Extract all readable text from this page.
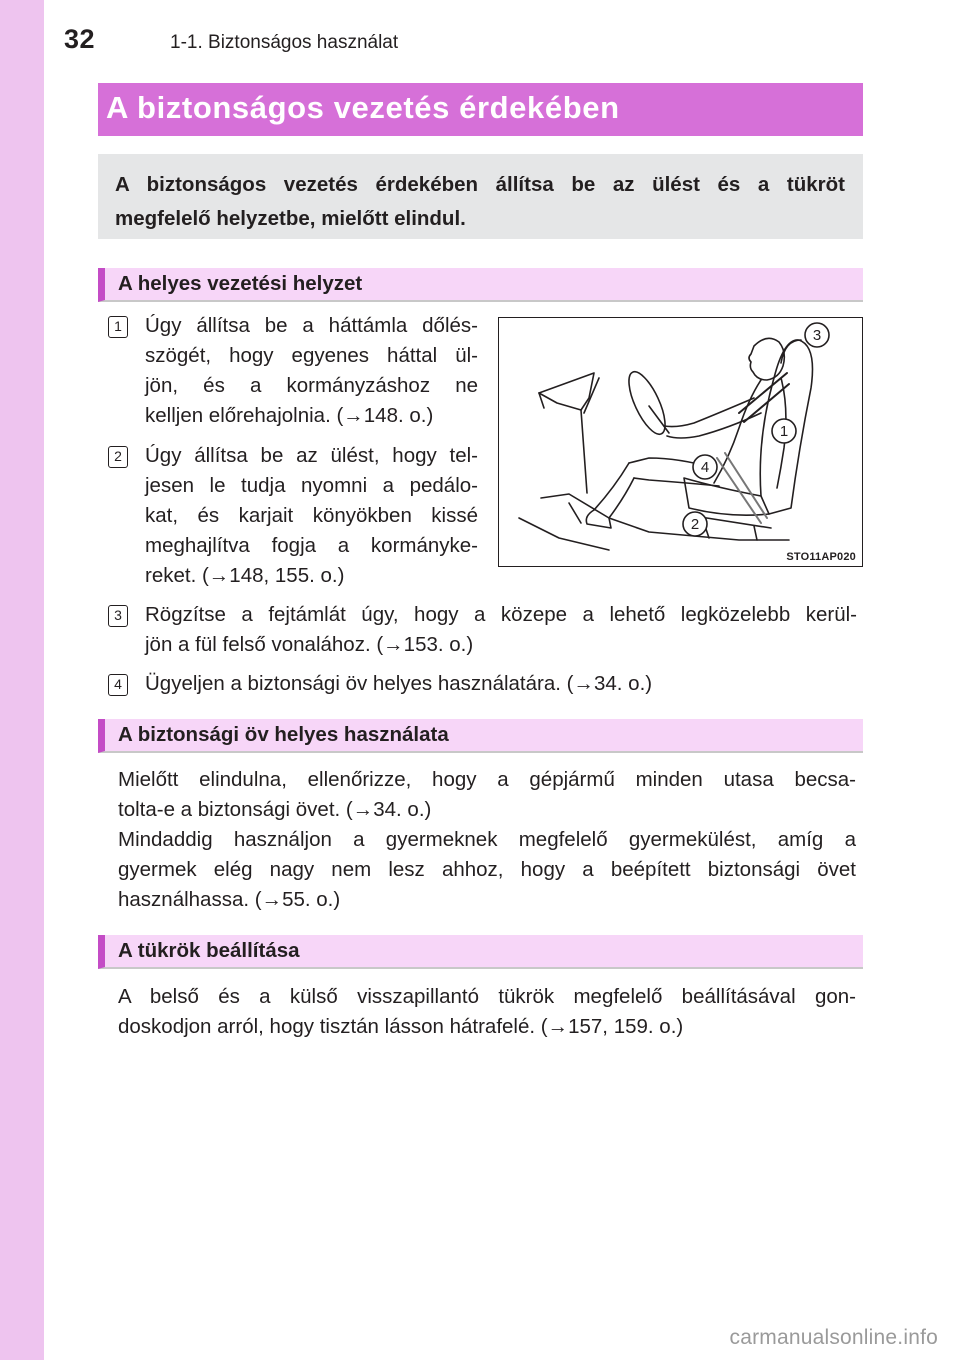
32	1-1. Biztonságos használat
A biztonságos vezetés érdekében
A biztonságos vezetés érdekében állítsa be az ülést és a tükröt
megfelelő helyzetbe, mielőtt elindul.
A helyes vezetési helyzet
1 Úgy állítsa be a háttámla dőlés-
szögét, hogy egyenes háttal ül-
jön, és a kormányzáshoz ne
kelljen előrehajolnia. (→148. o.)
2 Úgy állítsa be az ülést, hogy tel-
jesen le tudja nyomni a pedálo-
kat, és karjait könyökben kissé
meghajlítva fogja a kormányke-
reket. (→148, 155. o.)
3
1
4
2
STO11AP020
3 Rögzítse a fejtámlát úgy, hogy a közepe a lehető legközelebb kerül-
jön a fül felső vonalához. (→153. o.)
4 Ügyeljen a biztonsági öv helyes használatára. (→34. o.)
A biztonsági öv helyes használata
Mielőtt elindulna, ellenőrizze, hogy a gépjármű minden utasa becsa-
tolta-e a biztonsági övet. (→34. o.)
Mindaddig használjon a gyermeknek megfelelő gyermekülést, amíg a
gyermek elég nagy nem lesz ahhoz, hogy a beépített biztonsági övet
használhassa. (→55. o.)
A tükrök beállítása
A belső és a külső visszapillantó tükrök megfelelő beállításával gon-
doskodjon arról, hogy tisztán lásson hátrafelé. (→157, 159. o.)
carmanualsonline.info
